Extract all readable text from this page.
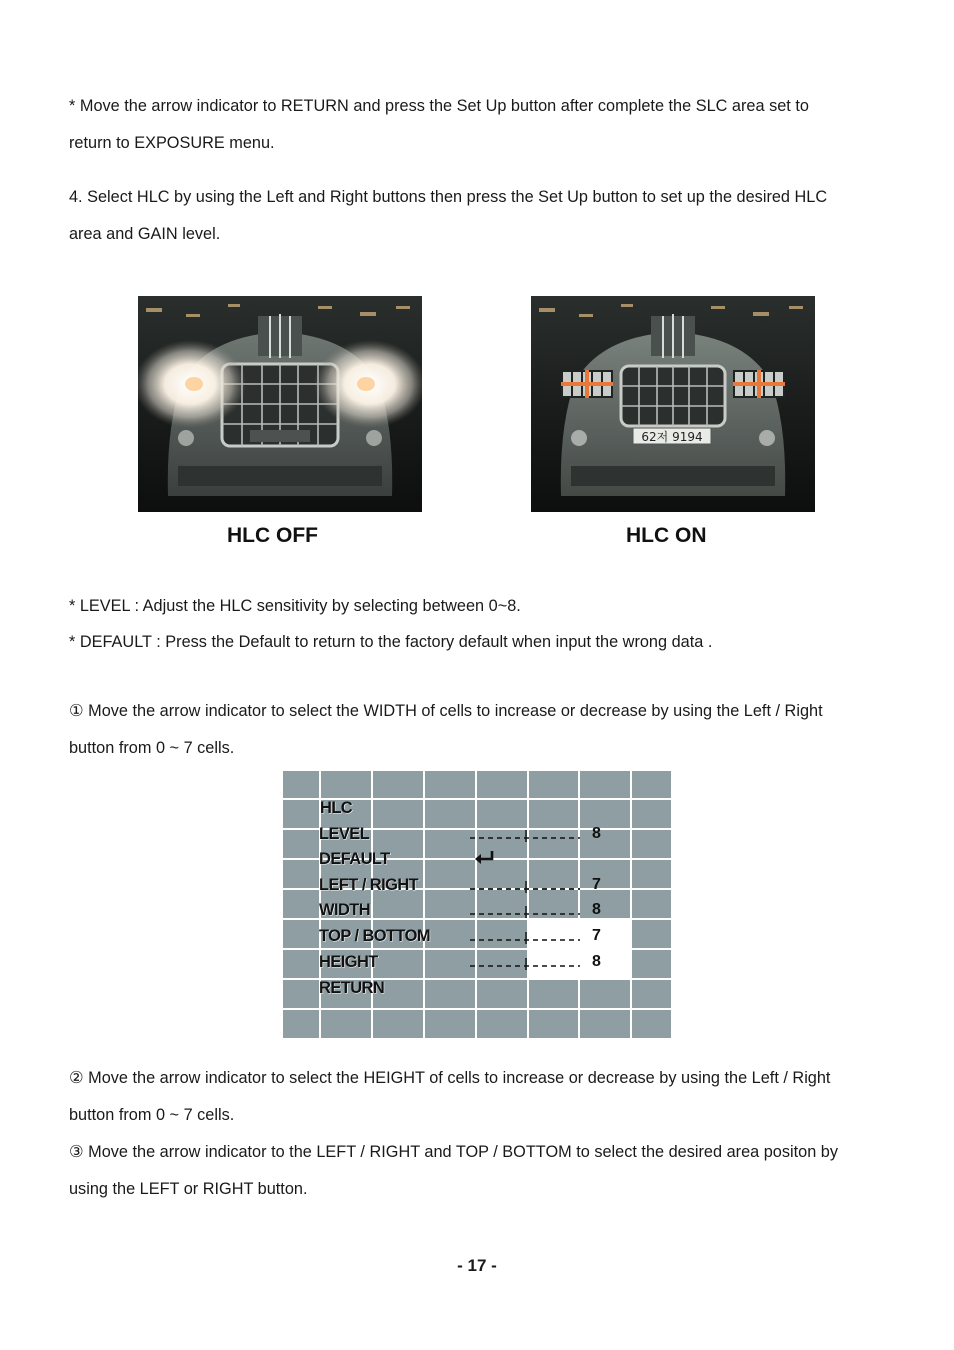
* Move the arrow indicator to RETURN and press the Set Up button after complete the SLC area set to
return to EXPOSURE menu.
4. Select HLC by using the Left and Right buttons then press the Set Up button to set up the desired HLC
area and GAIN level.
62저 9194
HLC OFF	HLC ON
* LEVEL : Adjust the HLC sensitivity by selecting between 0~8.
* DEFAULT : Press the Default to return to the factory default when input the wrong data .
① Move the arrow indicator to select the WIDTH of cells to increase or decrease by using the Left / Right
button from 0 ~ 7 cells.
HLC
LEVEL
DEFAULT
LEFT / RIGHT
WIDTH
TOP / BOTTOM
HEIGHT
RETURN
8
7
8
7
8
② Move the arrow indicator to select the HEIGHT of cells to increase or decrease by using the Left / Right
button from 0 ~ 7 cells.
③ Move the arrow indicator to the LEFT / RIGHT and TOP / BOTTOM to select the desired area positon by
using the LEFT or RIGHT button.
- 17 -
